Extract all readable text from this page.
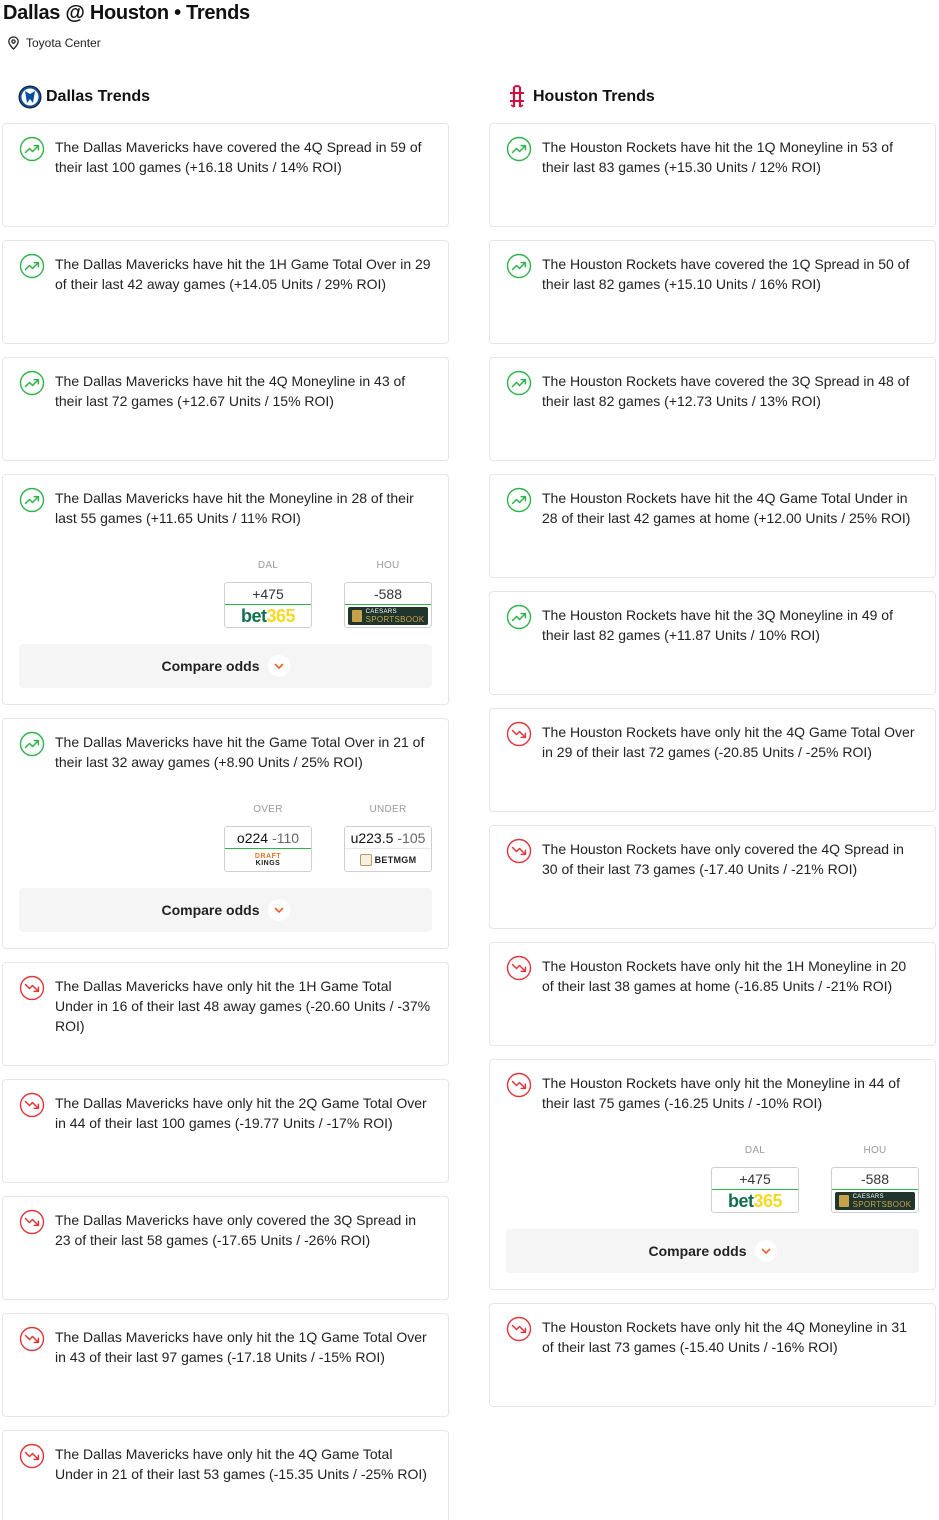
Dallas @ Houston • Trends
Toyota Center
Dallas Trends
The Dallas Mavericks have covered the 4Q Spread in 59 of their last 100 games (+16.18 Units / 14% ROI)
The Dallas Mavericks have hit the 1H Game Total Over in 29 of their last 42 away games (+14.05 Units / 29% ROI)
The Dallas Mavericks have hit the 4Q Moneyline in 43 of their last 72 games (+12.67 Units / 15% ROI)
The Dallas Mavericks have hit the Moneyline in 28 of their last 55 games (+11.65 Units / 11% ROI)
DAL
+475
bet365
HOU
-588
CAESARS
SPORTSBOOK
Compare odds
The Dallas Mavericks have hit the Game Total Over in 21 of their last 32 away games (+8.90 Units / 25% ROI)
OVER
o224 -110
DRAFT
KINGS
UNDER
u223.5 -105
BETMGM
Compare odds
The Dallas Mavericks have only hit the 1H Game Total Under in 16 of their last 48 away games (-20.60 Units / -37% ROI)
The Dallas Mavericks have only hit the 2Q Game Total Over in 44 of their last 100 games (-19.77 Units / -17% ROI)
The Dallas Mavericks have only covered the 3Q Spread in 23 of their last 58 games (-17.65 Units / -26% ROI)
The Dallas Mavericks have only hit the 1Q Game Total Over in 43 of their last 97 games (-17.18 Units / -15% ROI)
The Dallas Mavericks have only hit the 4Q Game Total Under in 21 of their last 53 games (-15.35 Units / -25% ROI)
Houston Trends
The Houston Rockets have hit the 1Q Moneyline in 53 of their last 83 games (+15.30 Units / 12% ROI)
The Houston Rockets have covered the 1Q Spread in 50 of their last 82 games (+15.10 Units / 16% ROI)
The Houston Rockets have covered the 3Q Spread in 48 of their last 82 games (+12.73 Units / 13% ROI)
The Houston Rockets have hit the 4Q Game Total Under in 28 of their last 42 games at home (+12.00 Units / 25% ROI)
The Houston Rockets have hit the 3Q Moneyline in 49 of their last 82 games (+11.87 Units / 10% ROI)
The Houston Rockets have only hit the 4Q Game Total Over in 29 of their last 72 games (-20.85 Units / -25% ROI)
The Houston Rockets have only covered the 4Q Spread in 30 of their last 73 games (-17.40 Units / -21% ROI)
The Houston Rockets have only hit the 1H Moneyline in 20 of their last 38 games at home (-16.85 Units / -21% ROI)
The Houston Rockets have only hit the Moneyline in 44 of their last 75 games (-16.25 Units / -10% ROI)
DAL
+475
bet365
HOU
-588
CAESARS
SPORTSBOOK
Compare odds
The Houston Rockets have only hit the 4Q Moneyline in 31 of their last 73 games (-15.40 Units / -16% ROI)
